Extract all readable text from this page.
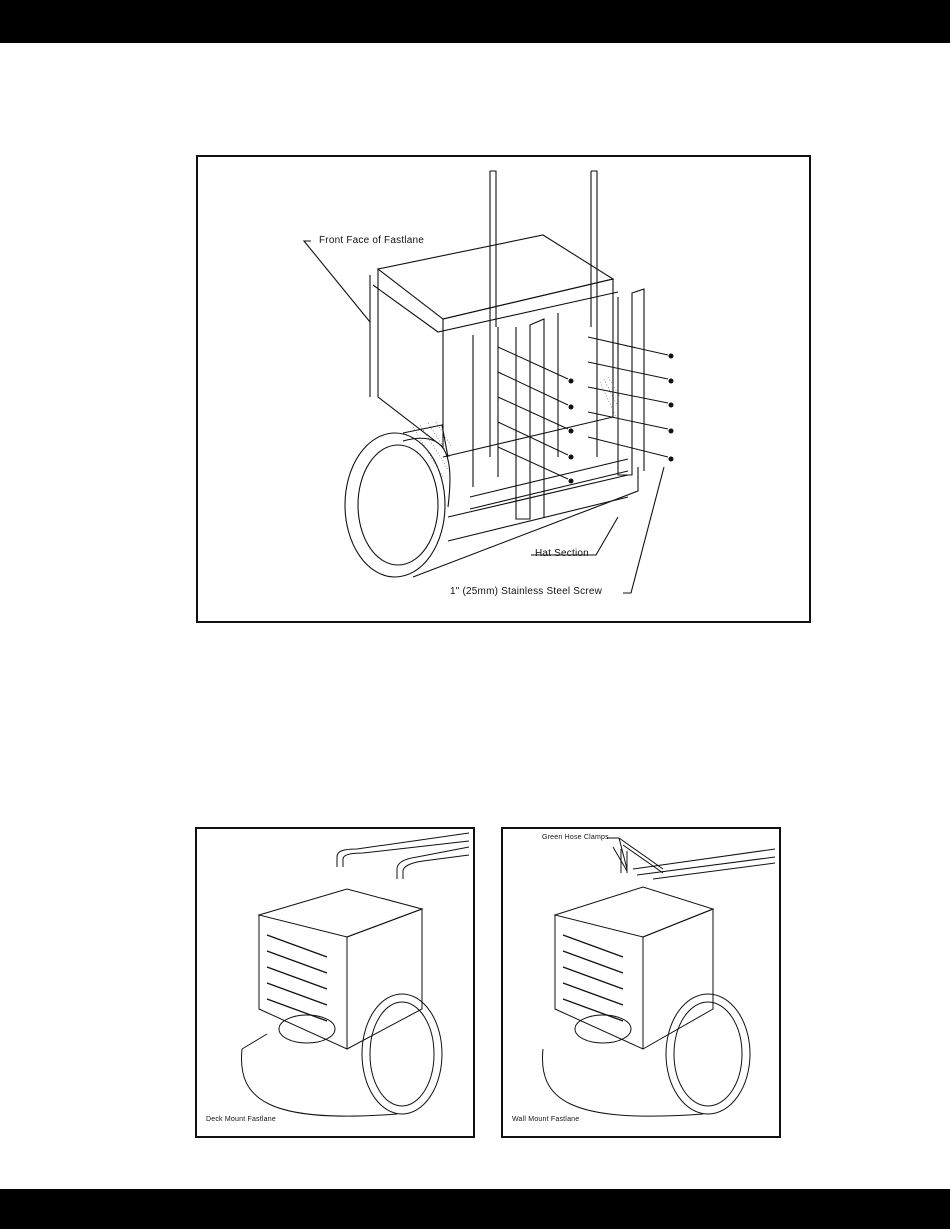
Front Face of Fastlane
Hat Section
1" (25mm) Stainless Steel Screw
Deck Mount Fastlane
Green Hose Clamps
Wall Mount Fastlane
